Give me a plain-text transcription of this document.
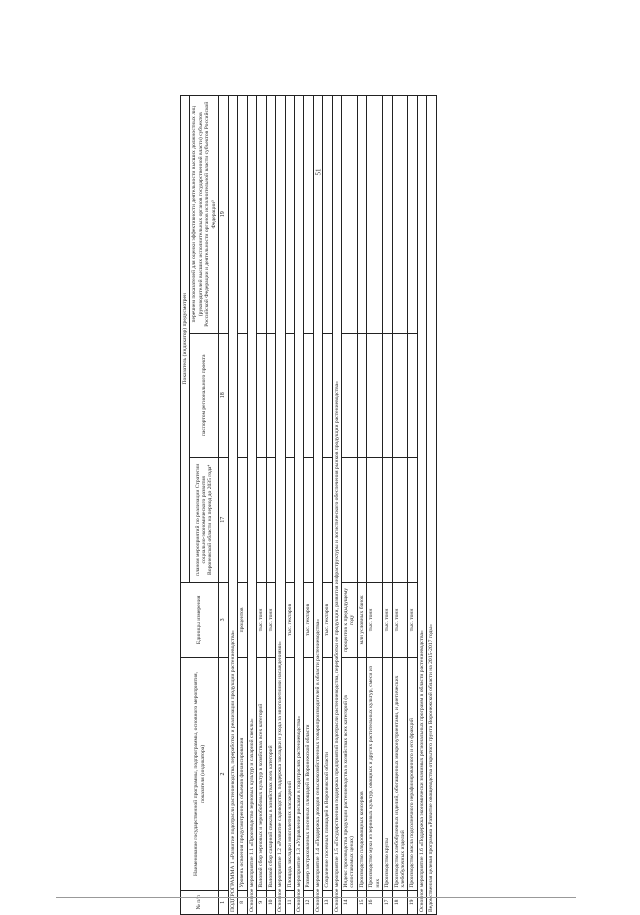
51
№ п/п	Наименование государственной программы, подпрограммы, основного мероприятия, показателя (индикатора)	Единицы измерения	Показатель (индикатор) предусмотрен		
			планом мероприятий по реализации Стратегии социально-экономического развития Воронежской области на период до 2035 года⁴	паспортом регионального проекта	перечнем показателей для оценки эффективности деятельности высших должностных лиц (руководителей высших исполнительных органов государственной власти) субъектов Российской Федерации и деятельности органов исполнительной власти субъектов Российской Федерации⁵
1	2	3	17	18	19
ПОДПРОГРАММА 1 «Развитие подотрасли растениеводства, переработки и реализации продукции растениеводства»					
8	Уровень освоения предусмотренных объемов финансирования	процентов			
Основное мероприятие 1.1 «Производство зерновых культур и сахарной свеклы»					
9	Валовой сбор зерновых и зернобобовых культур в хозяйствах всех категорий	тыс. тонн			
10	Валовой сбор сахарной свеклы в хозяйствах всех категорий	тыс. тонн			
Основное мероприятие 1.2 «Развитие садоводства, поддержка закладки и ухода за многолетними насаждениями»					
11	Площадь закладки многолетних насаждений	тыс. гектаров			
Основное мероприятие 1.3 «Управление рисками в подотраслях растениеводства»					
12	Размер застрахованных посевных площадей в Воронежской области	тыс. гектаров			
Основное мероприятие 1.4 «Поддержка доходов сельскохозяйственных товаропроизводителей в области растениеводства»					
13	Сохранение посевных площадей в Воронежской области	тыс. гектаров			
Основное мероприятие 1.5 «Государственная поддержка предприятий подотрасли растениеводства, переработки ее продукции, развития инфраструктуры и логистического обеспечения рынков продукции растениеводства»					
14	Индекс производства продукции растениеводства в хозяйствах всех категорий (в сопоставимых ценах)	процентов к предыдущему году			
15	Производство плодоовощных консервов	млн условных банок			
16	Производство муки из зерновых культур, овощных и других растительных культур, смеси из них	тыс. тонн			
17	Производство крупы	тыс. тонн			
18	Производство хлебобулочных изделий, обогащенных микронутриентами, и диетических хлебобулочных изделий	тыс. тонн			
19	Производство масла подсолнечного нерафинированного и его фракций	тыс. тонн			
Основное мероприятие 1.6 «Поддержка экономически значимых региональных программ в области растениеводства»					
Ведомственная целевая программа «Развитие овощеводства открытого грунта Воронежской области на 2015-2017 годы»					
